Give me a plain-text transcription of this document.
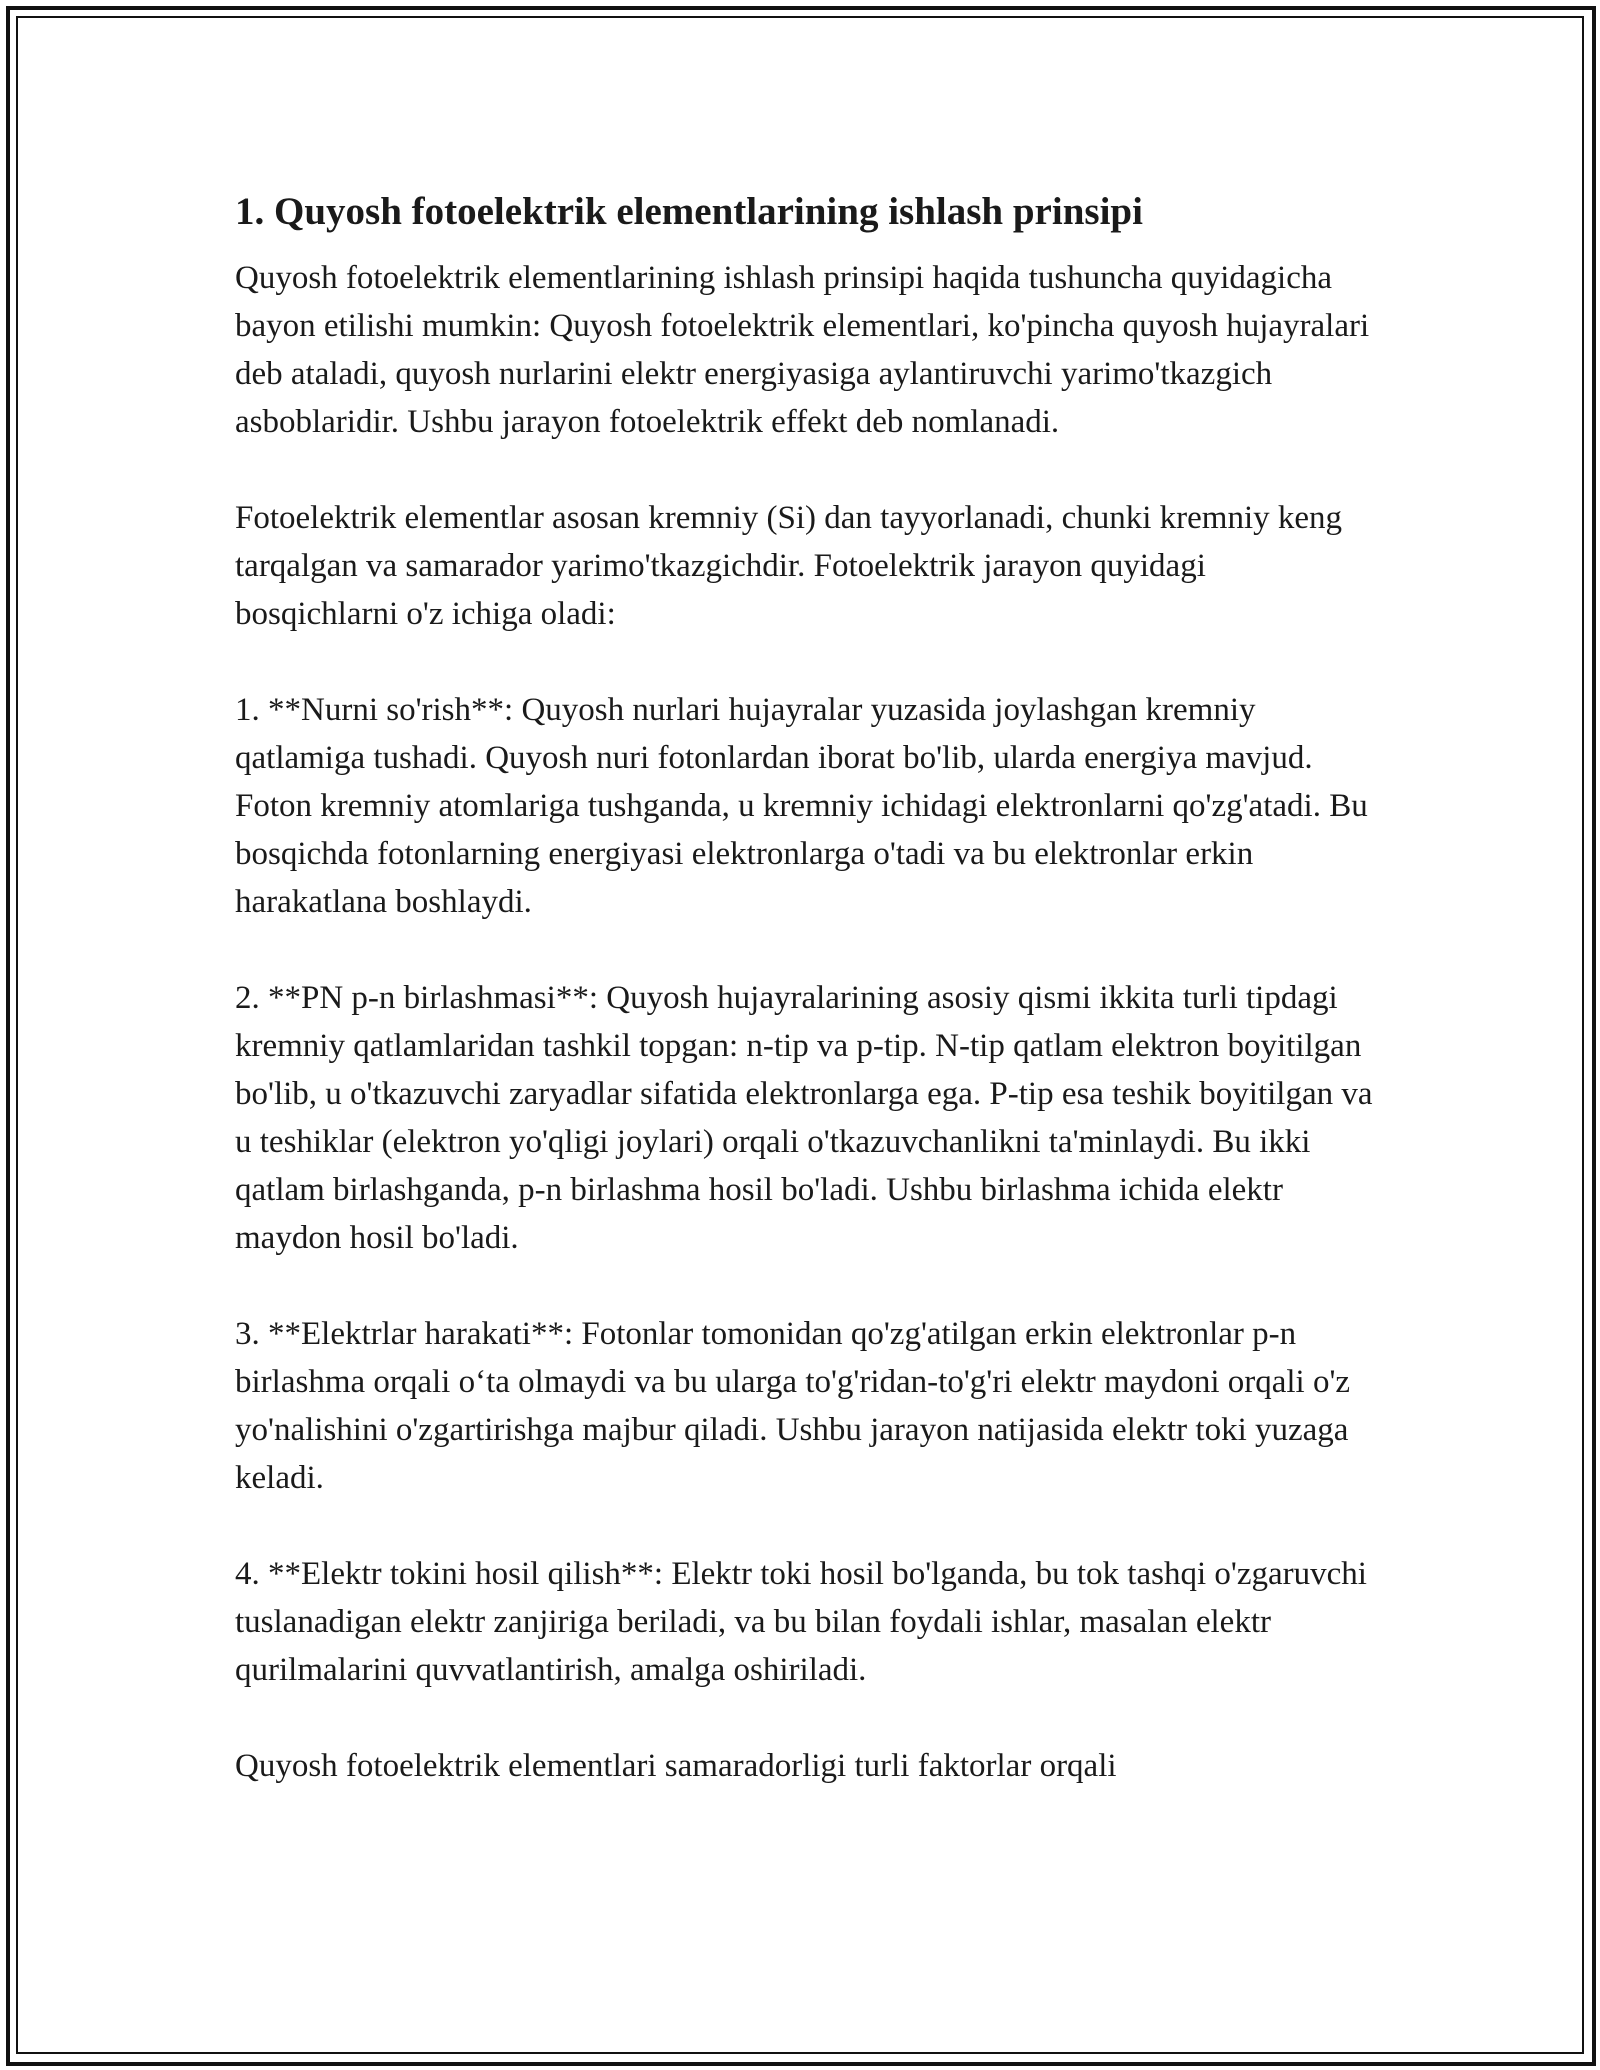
1. Quyosh fotoelektrik elementlarining ishlash prinsipi

Quyosh fotoelektrik elementlarining ishlash prinsipi haqida tushuncha quyidagicha bayon etilishi mumkin: Quyosh fotoelektrik elementlari, ko'pincha quyosh hujayralari deb ataladi, quyosh nurlarini elektr energiyasiga aylantiruvchi yarimo'tkazgich asboblaridir. Ushbu jarayon fotoelektrik effekt deb nomlanadi.

Fotoelektrik elementlar asosan kremniy (Si) dan tayyorlanadi, chunki kremniy keng tarqalgan va samarador yarimo'tkazgichdir. Fotoelektrik jarayon quyidagi bosqichlarni o'z ichiga oladi:

1. **Nurni so'rish**: Quyosh nurlari hujayralar yuzasida joylashgan kremniy qatlamiga tushadi. Quyosh nuri fotonlardan iborat bo'lib, ularda energiya mavjud. Foton kremniy atomlariga tushganda, u kremniy ichidagi elektronlarni qo'zg'atadi. Bu bosqichda fotonlarning energiyasi elektronlarga o'tadi va bu elektronlar erkin harakatlana boshlaydi.

2. **PN p-n birlashmasi**: Quyosh hujayralarining asosiy qismi ikkita turli tipdagi kremniy qatlamlaridan tashkil topgan: n-tip va p-tip. N-tip qatlam elektron boyitilgan bo'lib, u o'tkazuvchi zaryadlar sifatida elektronlarga ega. P-tip esa teshik boyitilgan va u teshiklar (elektron yo'qligi joylari) orqali o'tkazuvchanlikni ta'minlaydi. Bu ikki qatlam birlashganda, p-n birlashma hosil bo'ladi. Ushbu birlashma ichida elektr maydon hosil bo'ladi.

3. **Elektrlar harakati**: Fotonlar tomonidan qo'zg'atilgan erkin elektronlar p-n birlashma orqali o‘ta olmaydi va bu ularga to'g'ridan-to'g'ri elektr maydoni orqali o'z yo'nalishini o'zgartirishga majbur qiladi. Ushbu jarayon natijasida elektr toki yuzaga keladi.

4. **Elektr tokini hosil qilish**: Elektr toki hosil bo'lganda, bu tok tashqi o'zgaruvchi tuslanadigan elektr zanjiriga beriladi, va bu bilan foydali ishlar, masalan elektr qurilmalarini quvvatlantirish, amalga oshiriladi.

Quyosh fotoelektrik elementlari samaradorligi turli faktorlar orqali
